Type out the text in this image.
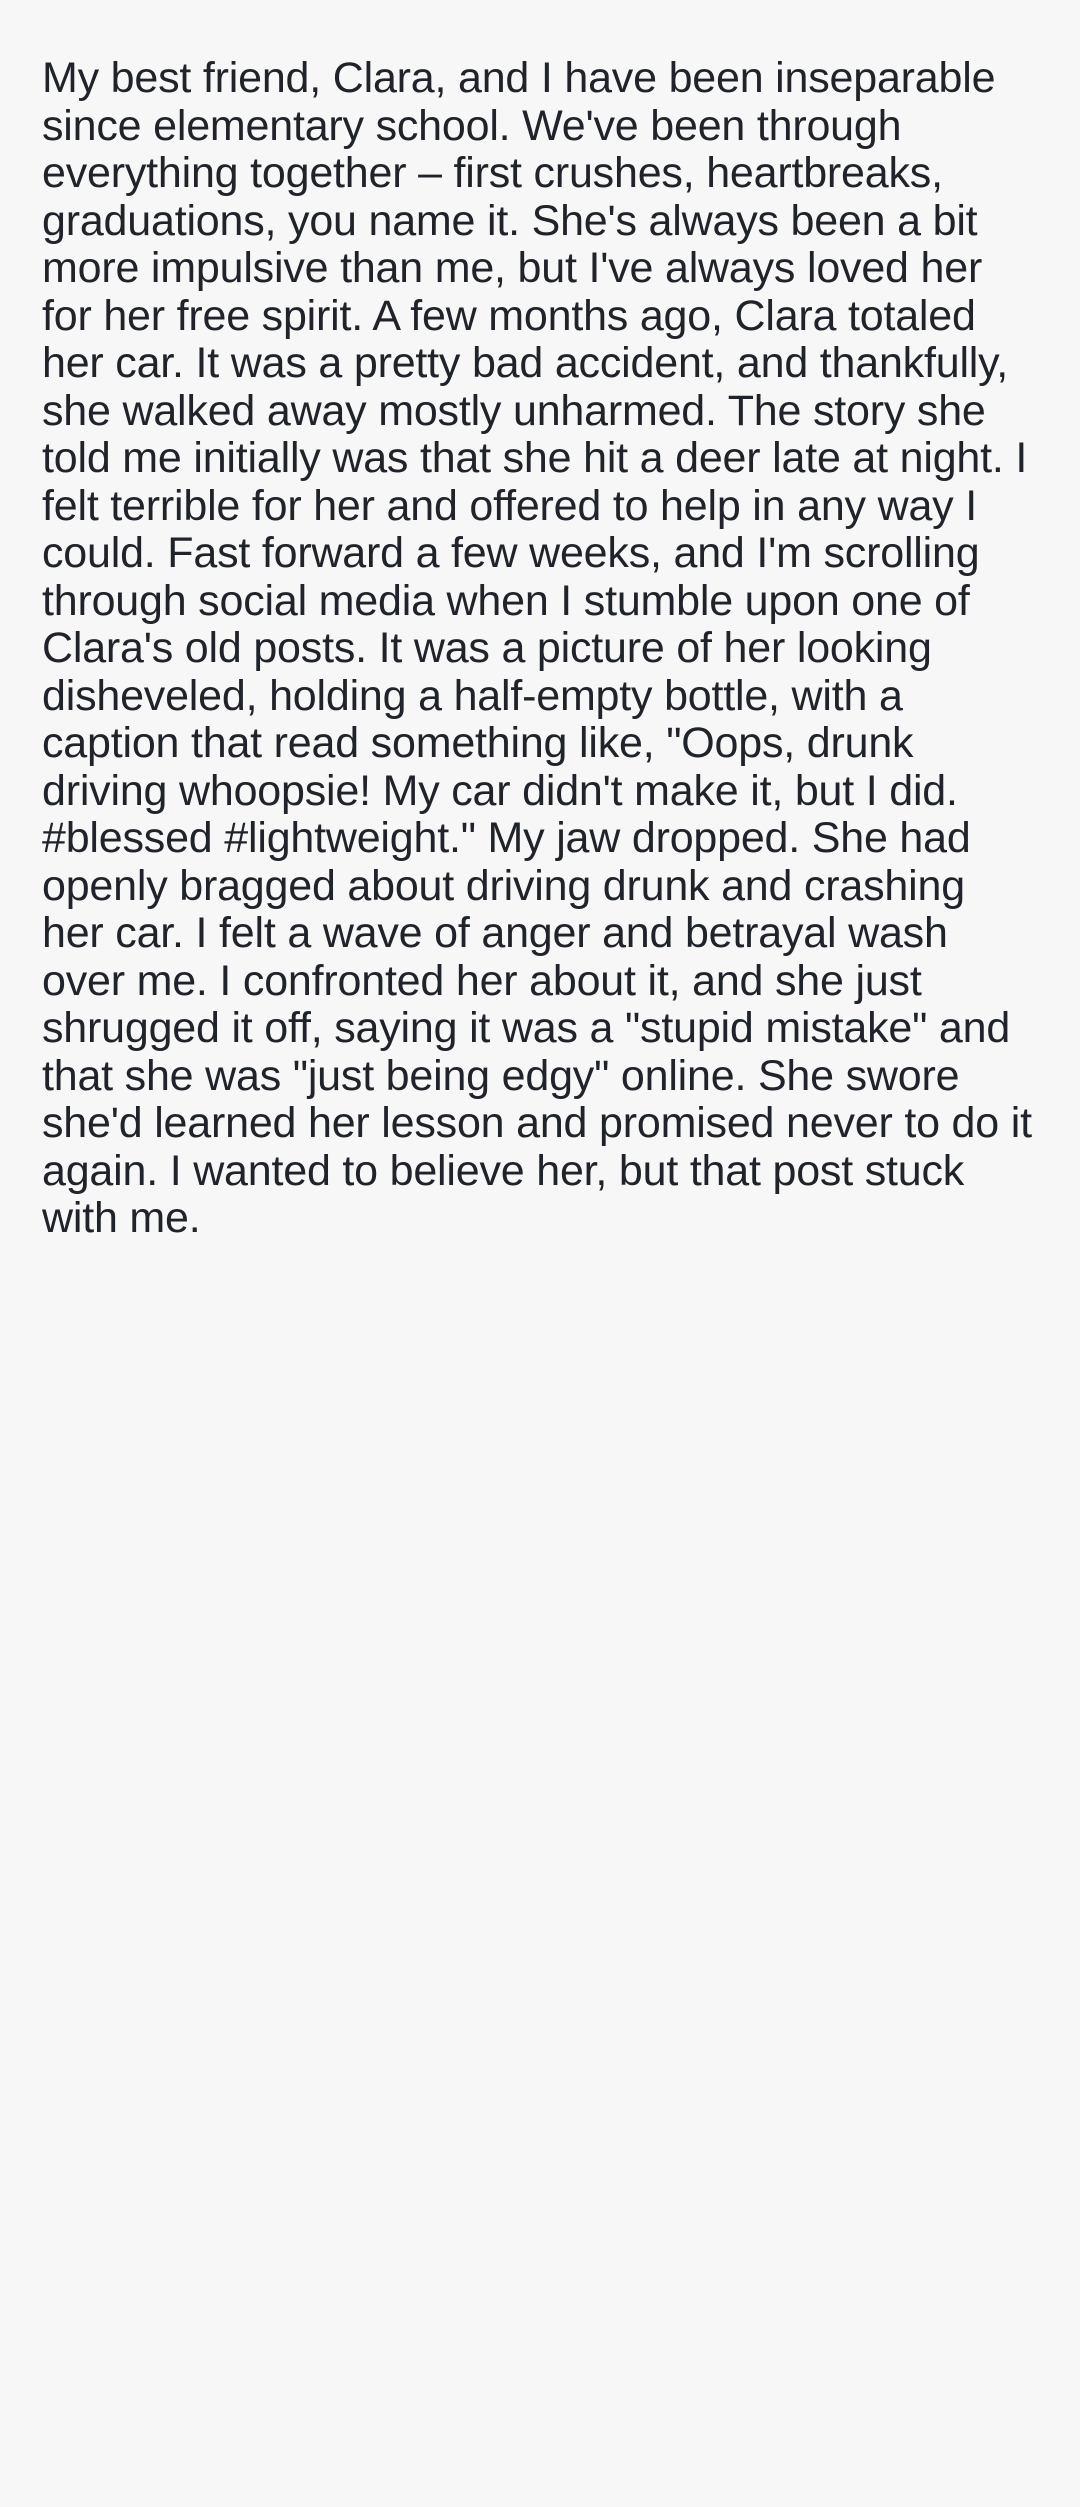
My best friend, Clara, and I have been inseparable since elementary school. We've been through everything together – first crushes, heartbreaks, graduations, you name it. She's always been a bit more impulsive than me, but I've always loved her for her free spirit. A few months ago, Clara totaled her car. It was a pretty bad accident, and thankfully, she walked away mostly unharmed. The story she told me initially was that she hit a deer late at night. I felt terrible for her and offered to help in any way I could. Fast forward a few weeks, and I'm scrolling through social media when I stumble upon one of Clara's old posts. It was a picture of her looking disheveled, holding a half-empty bottle, with a caption that read something like, "Oops, drunk driving whoopsie! My car didn't make it, but I did. #blessed #lightweight." My jaw dropped. She had openly bragged about driving drunk and crashing her car. I felt a wave of anger and betrayal wash over me. I confronted her about it, and she just shrugged it off, saying it was a "stupid mistake" and that she was "just being edgy" online. She swore she'd learned her lesson and promised never to do it again. I wanted to believe her, but that post stuck with me.
